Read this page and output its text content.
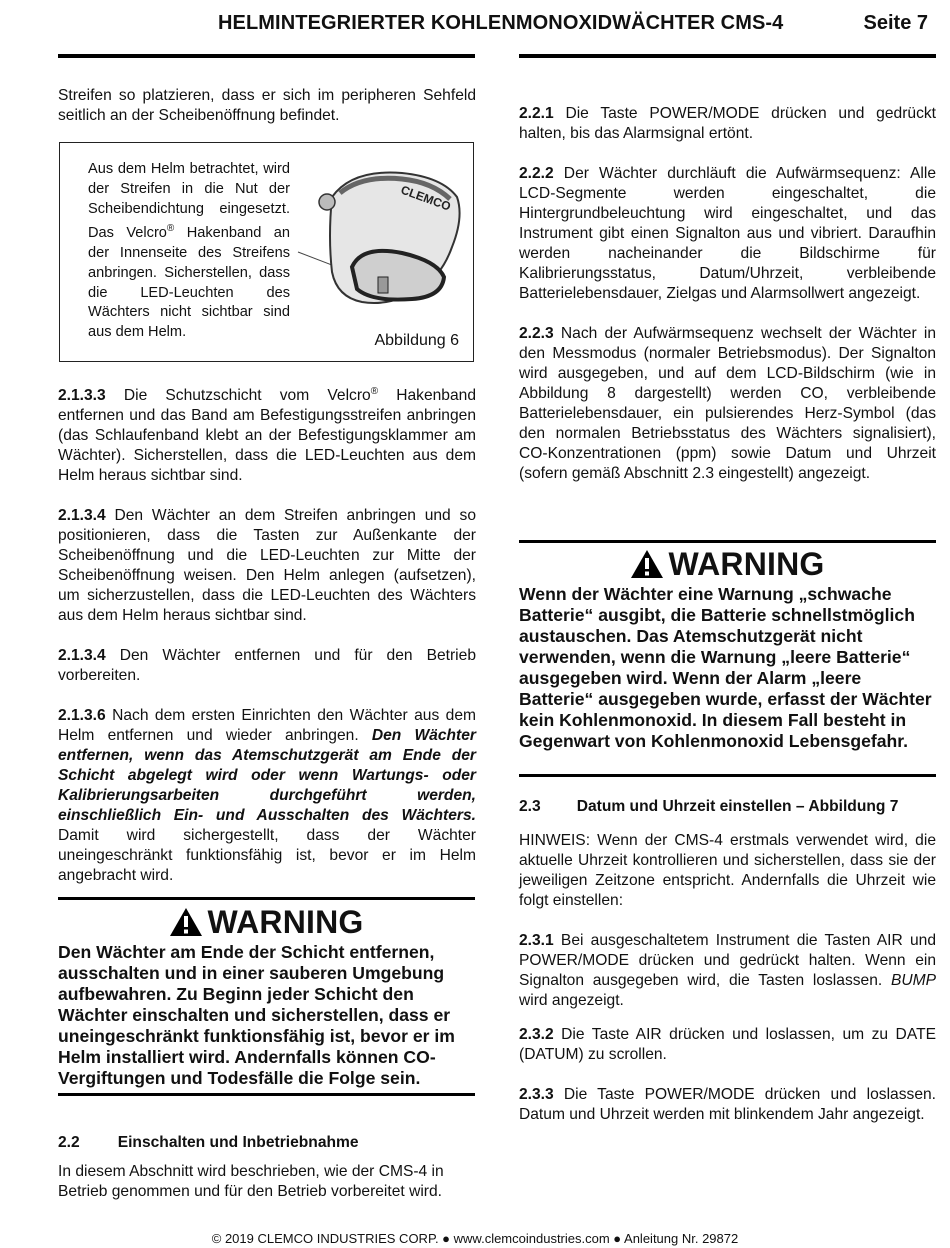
HELMINTEGRIERTER KOHLENMONOXIDWÄCHTER CMS-4	Seite 7

Streifen so platzieren, dass er sich im peripheren Sehfeld seitlich an der Scheibenöffnung befindet.

Aus dem Helm betrachtet, wird der Streifen in die Nut der Scheibendichtung eingesetzt. Das Velcro® Hakenband an der Innenseite des Streifens anbringen. Sicherstellen, dass die LED-Leuchten des Wächters nicht sichtbar sind aus dem Helm.
CLEMCO
Abbildung 6

2.1.3.3 Die Schutzschicht vom Velcro® Hakenband entfernen und das Band am Befestigungsstreifen anbringen (das Schlaufenband klebt an der Befestigungsklammer am Wächter). Sicherstellen, dass die LED-Leuchten aus dem Helm heraus sichtbar sind.

2.1.3.4 Den Wächter an dem Streifen anbringen und so positionieren, dass die Tasten zur Außenkante der Scheibenöffnung und die LED-Leuchten zur Mitte der Scheibenöffnung weisen. Den Helm anlegen (aufsetzen), um sicherzustellen, dass die LED-Leuchten des Wächters aus dem Helm heraus sichtbar sind.

2.1.3.4 Den Wächter entfernen und für den Betrieb vorbereiten.

2.1.3.6 Nach dem ersten Einrichten den Wächter aus dem Helm entfernen und wieder anbringen. Den Wächter entfernen, wenn das Atemschutzgerät am Ende der Schicht abgelegt wird oder wenn Wartungs- oder Kalibrierungsarbeiten durchgeführt werden, einschließlich Ein- und Ausschalten des Wächters. Damit wird sichergestellt, dass der Wächter uneingeschränkt funktionsfähig ist, bevor er im Helm angebracht wird.

WARNING
Den Wächter am Ende der Schicht entfernen, ausschalten und in einer sauberen Umgebung aufbewahren. Zu Beginn jeder Schicht den Wächter einschalten und sicherstellen, dass er uneingeschränkt funktionsfähig ist, bevor er im Helm installiert wird. Andernfalls können CO-Vergiftungen und Todesfälle die Folge sein.
2.2 Einschalten und Inbetriebnahme

In diesem Abschnitt wird beschrieben, wie der CMS-4 in Betrieb genommen und für den Betrieb vorbereitet wird.

2.2.1 Die Taste POWER/MODE drücken und gedrückt halten, bis das Alarmsignal ertönt.

2.2.2 Der Wächter durchläuft die Aufwärmsequenz: Alle LCD-Segmente werden eingeschaltet, die Hintergrundbeleuchtung wird eingeschaltet, und das Instrument gibt einen Signalton aus und vibriert. Daraufhin werden nacheinander die Bildschirme für Kalibrierungsstatus, Datum/Uhrzeit, verbleibende Batterielebensdauer, Zielgas und Alarmsollwert angezeigt.

2.2.3 Nach der Aufwärmsequenz wechselt der Wächter in den Messmodus (normaler Betriebsmodus). Der Signalton wird ausgegeben, und auf dem LCD-Bildschirm (wie in Abbildung 8 dargestellt) werden CO, verbleibende Batterielebensdauer, ein pulsierendes Herz-Symbol (das den normalen Betriebsstatus des Wächters signalisiert), CO-Konzentrationen (ppm) sowie Datum und Uhrzeit (sofern gemäß Abschnitt 2.3 eingestellt) angezeigt.

WARNING
Wenn der Wächter eine Warnung „schwache Batterie“ ausgibt, die Batterie schnellstmöglich austauschen. Das Atemschutzgerät nicht verwenden, wenn die Warnung „leere Batterie“ ausgegeben wird. Wenn der Alarm „leere Batterie“ ausgegeben wurde, erfasst der Wächter kein Kohlenmonoxid. In diesem Fall besteht in Gegenwart von Kohlenmonoxid Lebensgefahr.
2.3 Datum und Uhrzeit einstellen – Abbildung 7

HINWEIS: Wenn der CMS-4 erstmals verwendet wird, die aktuelle Uhrzeit kontrollieren und sicherstellen, dass sie der jeweiligen Zeitzone entspricht. Andernfalls die Uhrzeit wie folgt einstellen:

2.3.1 Bei ausgeschaltetem Instrument die Tasten AIR und POWER/MODE drücken und gedrückt halten. Wenn ein Signalton ausgegeben wird, die Tasten loslassen. BUMP wird angezeigt.

2.3.2 Die Taste AIR drücken und loslassen, um zu DATE (DATUM) zu scrollen.

2.3.3 Die Taste POWER/MODE drücken und loslassen. Datum und Uhrzeit werden mit blinkendem Jahr angezeigt.

© 2019 CLEMCO INDUSTRIES CORP. ● www.clemcoindustries.com ● Anleitung Nr. 29872
